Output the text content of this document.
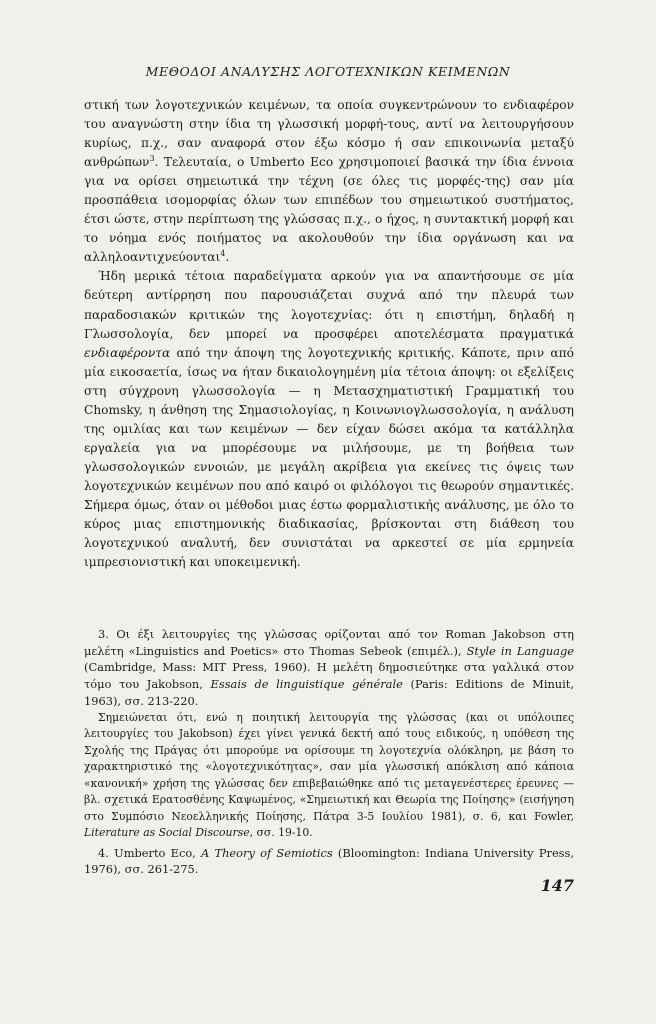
ΜΕΘΟΔΟΙ ΑΝΑΛΥΣΗΣ ΛΟΓΟΤΕΧΝΙΚΩΝ ΚΕΙΜΕΝΩΝ

στική των λογοτεχνικών κειμένων, τα οποία συγκεντρώνουν το ενδιαφέρον του αναγνώστη στην ίδια τη γλωσσική μορφή-τους, αντί να λειτουργήσουν κυρίως, π.χ., σαν αναφορά στον έξω κόσμο ή σαν επικοινωνία μεταξύ ανθρώπων$^3$. Τελευταία, ο Umberto Eco χρησιμοποιεί βασικά την ίδια έννοια για να ορίσει σημειωτικά την τέχνη (σε όλες τις μορφές-της) σαν μία προσπάθεια ισομορφίας όλων των επιπέδων του σημειωτικού συστήματος, έτσι ώστε, στην περίπτωση της γλώσσας π.χ., ο ήχος, η συντακτική μορφή και το νόημα ενός ποιήματος να ακολουθούν την ίδια οργάνωση και να αλληλοαντιχνεύονται$^4$.

Ήδη μερικά τέτοια παραδείγματα αρκούν για να απαντήσουμε σε μία δεύτερη αντίρρηση που παρουσιάζεται συχνά από την πλευρά των παραδοσιακών κριτικών της λογοτεχνίας: ότι η επιστήμη, δηλαδή η Γλωσσολογία, δεν μπορεί να προσφέρει αποτελέσματα πραγματικά ενδιαφέροντα από την άποψη της λογοτεχνικής κριτικής. Κάποτε, πριν από μία εικοσαετία, ίσως να ήταν δικαιολογημένη μία τέτοια άποψη: οι εξελίξεις στη σύγχρονη γλωσσολογία — η Μετασχηματιστική Γραμματική του Chomsky, η άνθηση της Σημασιολογίας, η Κοινωνιογλωσσολογία, η ανάλυση της ομιλίας και των κειμένων — δεν είχαν δώσει ακόμα τα κατάλληλα εργαλεία για να μπορέσουμε να μιλήσουμε, με τη βοήθεια των γλωσσολογικών εννοιών, με μεγάλη ακρίβεια για εκείνες τις όψεις των λογοτεχνικών κειμένων που από καιρό οι φιλόλογοι τις θεωρούν σημαντικές. Σήμερα όμως, όταν οι μέθοδοι μιας έστω φορμαλιστικής ανάλυσης, με όλο το κύρος μιας επιστημονικής διαδικασίας, βρίσκονται στη διάθεση του λογοτεχνικού αναλυτή, δεν συνιστάται να αρκεστεί σε μία ερμηνεία ιμπρεσιονιστική και υποκειμενική.

3. Οι έξι λειτουργίες της γλώσσας ορίζονται από τον Roman Jakobson στη μελέτη «Linguistics and Poetics» στο Thomas Sebeok (επιμέλ.), Style in Language (Cambridge, Mass: MIT Press, 1960). Η μελέτη δημοσιεύτηκε στα γαλλικά στον τόμο του Jakobson, Essais de linguistique générale (Paris: Editions de Minuit, 1963), σσ. 213-220.

Σημειώνεται ότι, ενώ η ποιητική λειτουργία της γλώσσας (και οι υπόλοιπες λειτουργίες του Jakobson) έχει γίνει γενικά δεκτή από τους ειδικούς, η υπόθεση της Σχολής της Πράγας ότι μπορούμε να ορίσουμε τη λογοτεχνία ολόκληρη, με βάση το χαρακτηριστικό της «λογοτεχνικότητας», σαν μία γλωσσική απόκλιση από κάποια «κανονική» χρήση της γλώσσας δεν επιβεβαιώθηκε από τις μεταγενέστερες έρευνες — βλ. σχετικά Ερατοσθένης Καψωμένος, «Σημειωτική και Θεωρία της Ποίησης» (εισήγηση στο Συμπόσιο Νεοελληνικής Ποίησης, Πάτρα 3-5 Ιουλίου 1981), σ. 6, και Fowler, Literature as Social Discourse, σσ. 19-10.

4. Umberto Eco, A Theory of Semiotics (Bloomington: Indiana University Press, 1976), σσ. 261-275.

147
